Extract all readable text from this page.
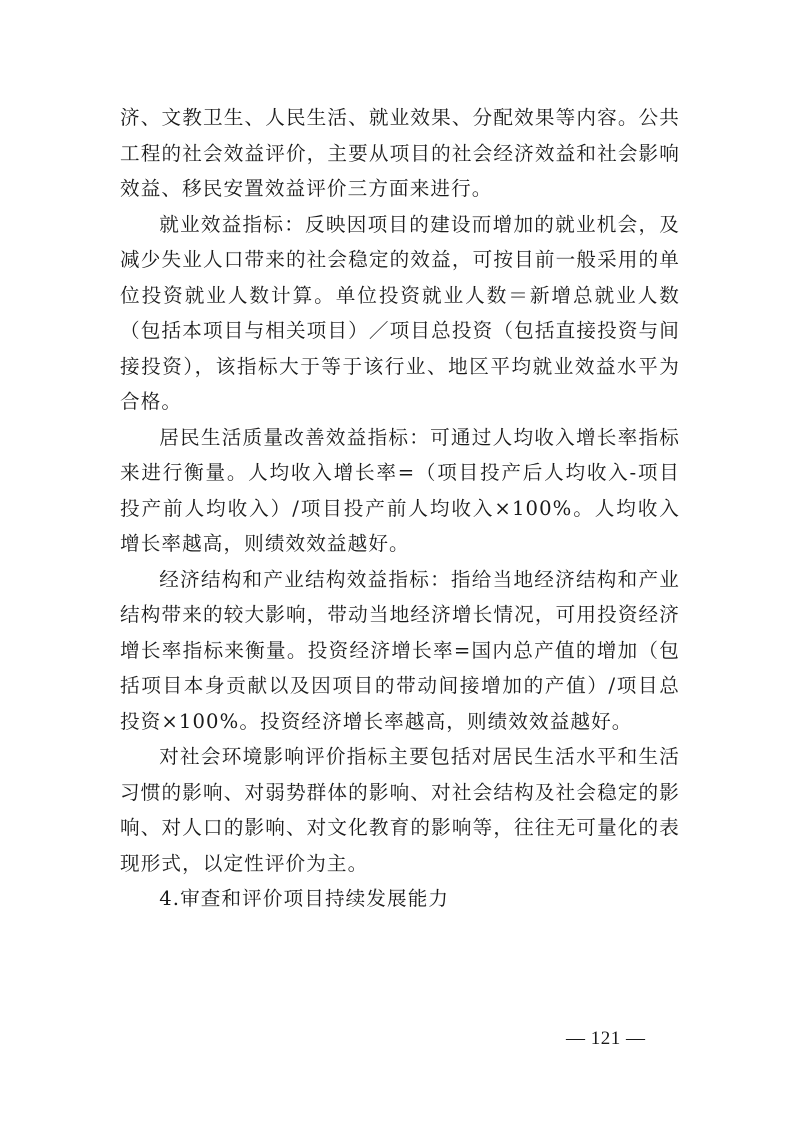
济、文教卫生、人民生活、就业效果、分配效果等内容。公共工程的社会效益评价，主要从项目的社会经济效益和社会影响效益、移民安置效益评价三方面来进行。

就业效益指标：反映因项目的建设而增加的就业机会，及减少失业人口带来的社会稳定的效益，可按目前一般采用的单位投资就业人数计算。单位投资就业人数＝新增总就业人数（包括本项目与相关项目）／项目总投资（包括直接投资与间接投资），该指标大于等于该行业、地区平均就业效益水平为合格。

居民生活质量改善效益指标：可通过人均收入增长率指标来进行衡量。人均收入增长率=（项目投产后人均收入-项目投产前人均收入）/项目投产前人均收入×100%。人均收入增长率越高，则绩效效益越好。

经济结构和产业结构效益指标：指给当地经济结构和产业结构带来的较大影响，带动当地经济增长情况，可用投资经济增长率指标来衡量。投资经济增长率=国内总产值的增加（包括项目本身贡献以及因项目的带动间接增加的产值）/项目总投资×100%。投资经济增长率越高，则绩效效益越好。

对社会环境影响评价指标主要包括对居民生活水平和生活习惯的影响、对弱势群体的影响、对社会结构及社会稳定的影响、对人口的影响、对文化教育的影响等，往往无可量化的表现形式，以定性评价为主。

4.审查和评价项目持续发展能力

— 121 —
